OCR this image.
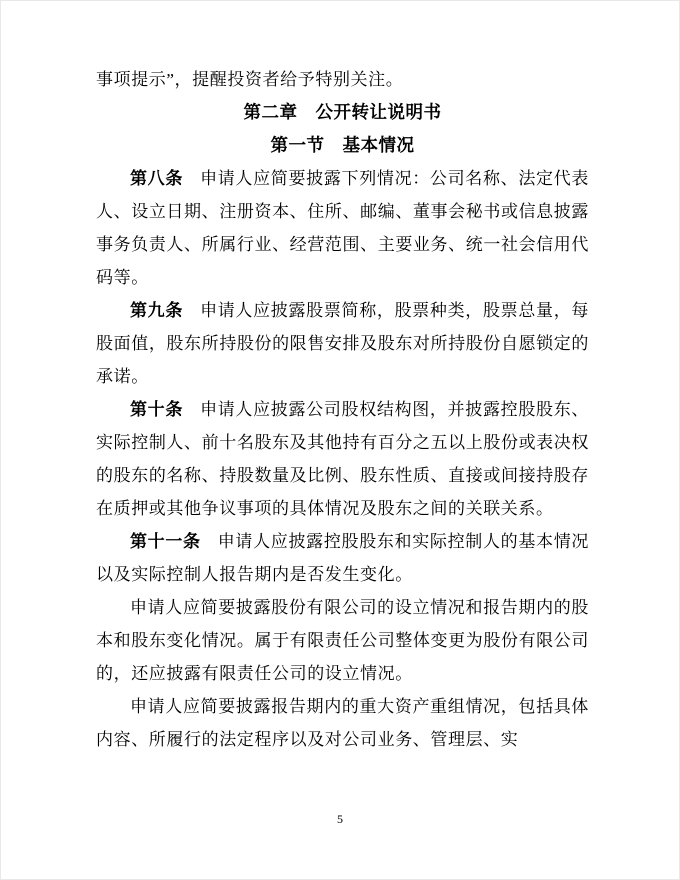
事项提示”，提醒投资者给予特别关注。

第二章　公开转让说明书
第一节　基本情况

第八条 申请人应简要披露下列情况：公司名称、法定代表人、设立日期、注册资本、住所、邮编、董事会秘书或信息披露事务负责人、所属行业、经营范围、主要业务、统一社会信用代码等。

第九条 申请人应披露股票简称，股票种类，股票总量，每股面值，股东所持股份的限售安排及股东对所持股份自愿锁定的承诺。

第十条 申请人应披露公司股权结构图，并披露控股股东、实际控制人、前十名股东及其他持有百分之五以上股份或表决权的股东的名称、持股数量及比例、股东性质、直接或间接持股存在质押或其他争议事项的具体情况及股东之间的关联关系。

第十一条 申请人应披露控股股东和实际控制人的基本情况以及实际控制人报告期内是否发生变化。

申请人应简要披露股份有限公司的设立情况和报告期内的股本和股东变化情况。属于有限责任公司整体变更为股份有限公司的，还应披露有限责任公司的设立情况。

申请人应简要披露报告期内的重大资产重组情况，包括具体内容、所履行的法定程序以及对公司业务、管理层、实

5
